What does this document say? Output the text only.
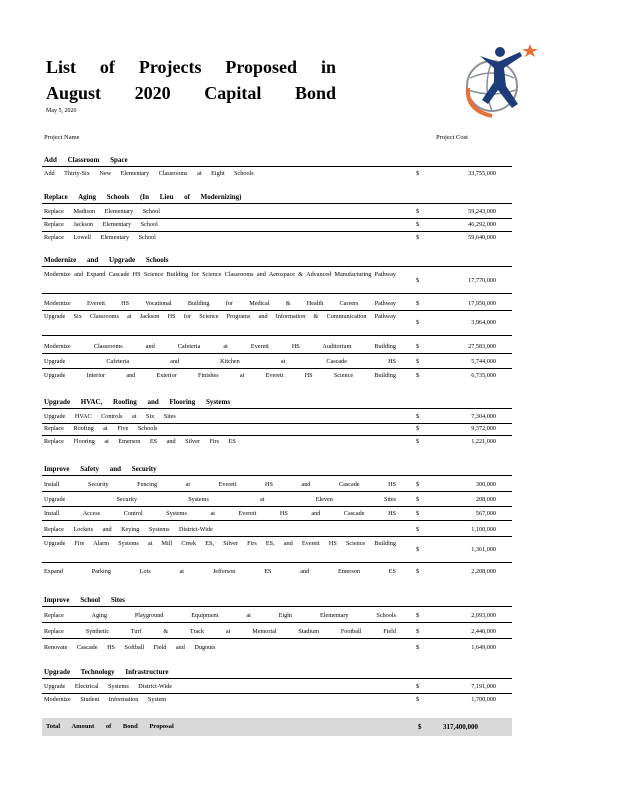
List of Projects Proposed in
August 2020 Capital Bond
May 5, 2020
Project Name	Project Cost
Add Classroom Space
Add Thirty-Six New Elementary Classrooms at Eight Schools	$	33,755,000
Replace Aging Schools (In Lieu of Modernizing)
Replace Madison Elementary School	$	59,243,000
Replace Jackson Elementary School	$	46,292,000
Replace Lowell Elementary School	$	59,640,000
Modernize and Upgrade Schools
Modernize and Expand Cascade HS Science Building for Science Classrooms and Aerospace & Advanced Manufacturing Pathway
$	17,770,000
Modernize Everett HS Vocational Building for Medical & Health Careers Pathway	$	17,950,000
Upgrade Six Classrooms at Jackson HS for Science Programs and Information & Communication Pathway
$	3,964,000
Modernize Classrooms and Cafeteria at Everett HS Auditorium Building	$	27,583,000
Upgrade Cafeteria and Kitchen at Cascade HS	$	5,744,000
Upgrade Interior and Exterior Finishes at Everett HS Science Building	$	6,735,000
Upgrade HVAC, Roofing and Flooring Systems
Upgrade HVAC Controls at Six Sites	$	7,304,000
Replace Roofing at Five Schools	$	9,372,000
Replace Flooring at Emerson ES and Silver Firs ES	$	1,221,000
Improve Safety and Security
Install Security Fencing at Everett HS and Cascade HS	$	300,000
Upgrade Security Systems at Eleven Sites	$	208,000
Install Access Control Systems at Everett HS and Cascade HS	$	567,000
Replace Lockets and Keying Systems District-Wide	$	1,100,000
Upgrade Fire Alarm Systems at Mill Creek ES, Silver Firs ES, and Everett HS Science Building
$	1,361,000
Expand Parking Lots at Jefferson ES and Emerson ES	$	2,208,000
Improve School Sites
Replace Aging Playground Equipment at Eight Elementary Schools	$	2,093,000
Replace Synthetic Turf & Track at Memorial Stadium Football Field	$	2,440,000
Renovate Cascade HS Softball Field and Dugouts	$	1,649,000
Upgrade Technology Infrastructure
Upgrade Electrical Systems District-Wide	$	7,191,000
Modernize Student Information System	$	1,700,000
Total Amount of Bond Proposal	$	317,400,000
